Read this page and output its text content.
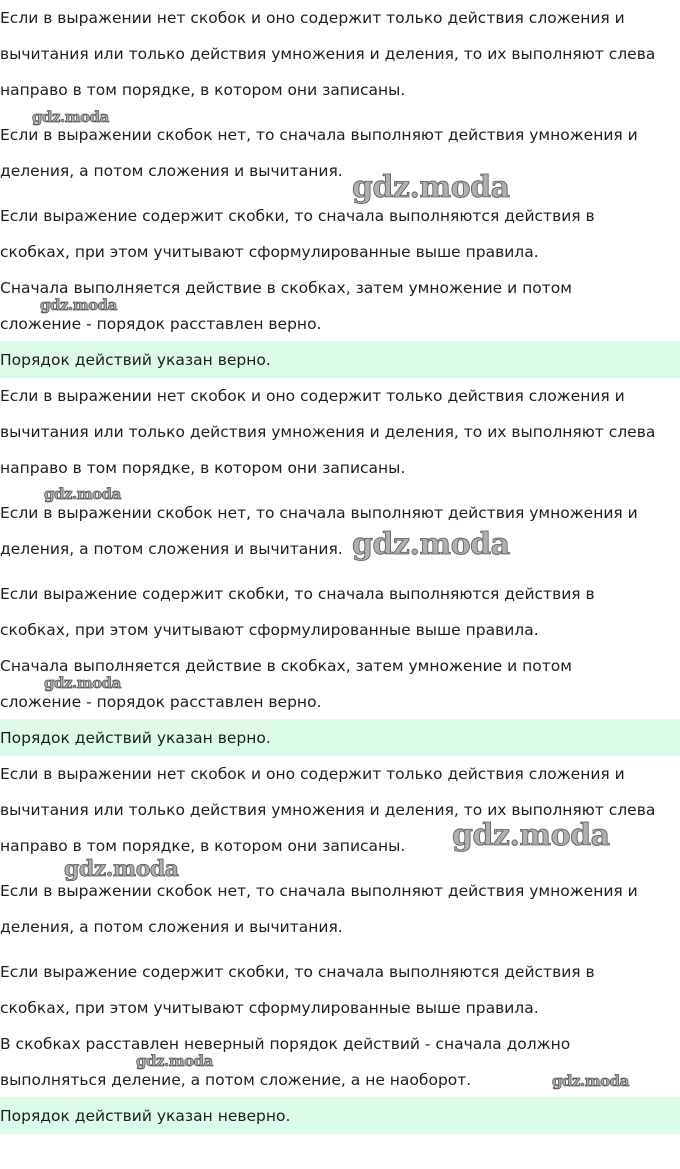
Если в выражении нет скобок и оно содержит только действия сложения и
вычитания или только действия умножения и деления, то их выполняют слева
направо в том порядке, в котором они записаны.
Если в выражении скобок нет, то сначала выполняют действия умножения и
деления, а потом сложения и вычитания.
Если выражение содержит скобки, то сначала выполняются действия в
скобках, при этом учитывают сформулированные выше правила.
Сначала выполняется действие в скобках, затем умножение и потом
сложение - порядок расставлен верно.
Порядок действий указан верно.
Если в выражении нет скобок и оно содержит только действия сложения и
вычитания или только действия умножения и деления, то их выполняют слева
направо в том порядке, в котором они записаны.
Если в выражении скобок нет, то сначала выполняют действия умножения и
деления, а потом сложения и вычитания.
Если выражение содержит скобки, то сначала выполняются действия в
скобках, при этом учитывают сформулированные выше правила.
Сначала выполняется действие в скобках, затем умножение и потом
сложение - порядок расставлен верно.
Порядок действий указан верно.
Если в выражении нет скобок и оно содержит только действия сложения и
вычитания или только действия умножения и деления, то их выполняют слева
направо в том порядке, в котором они записаны.
Если в выражении скобок нет, то сначала выполняют действия умножения и
деления, а потом сложения и вычитания.
Если выражение содержит скобки, то сначала выполняются действия в
скобках, при этом учитывают сформулированные выше правила.
В скобках расставлен неверный порядок действий - сначала должно
выполняться деление, а потом сложение, а не наоборот.
Порядок действий указан неверно.
gdz.moda
gdz.moda
gdz.moda
gdz.moda
gdz.moda
gdz.moda
gdz.moda
gdz.moda
gdz.moda
gdz.moda
